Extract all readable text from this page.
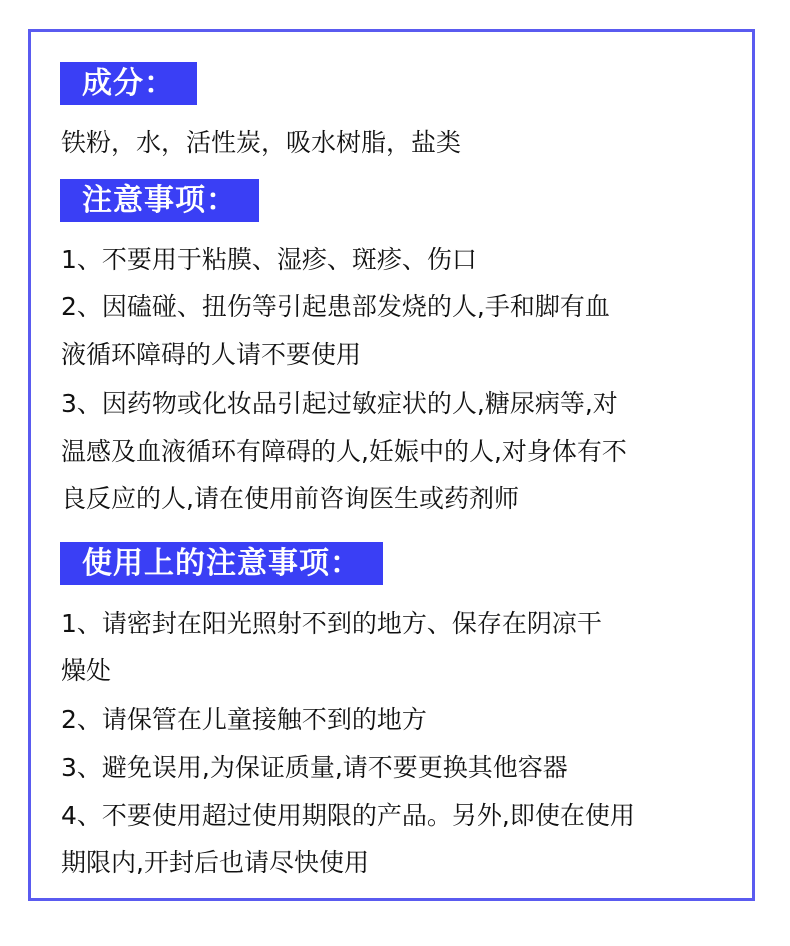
成分：
铁粉，水，活性炭，吸水树脂，盐类
注意事项：
1、不要用于粘膜、湿疹、斑疹、伤口
2、因磕碰、扭伤等引起患部发烧的人,手和脚有血
液循环障碍的人请不要使用
3、因药物或化妆品引起过敏症状的人,糖尿病等,对
温感及血液循环有障碍的人,妊娠中的人,对身体有不
良反应的人,请在使用前咨询医生或药剂师
使用上的注意事项：
1、请密封在阳光照射不到的地方、保存在阴凉干
燥处
2、请保管在儿童接触不到的地方
3、避免误用,为保证质量,请不要更换其他容器
4、不要使用超过使用期限的产品。另外,即使在使用
期限内,开封后也请尽快使用
